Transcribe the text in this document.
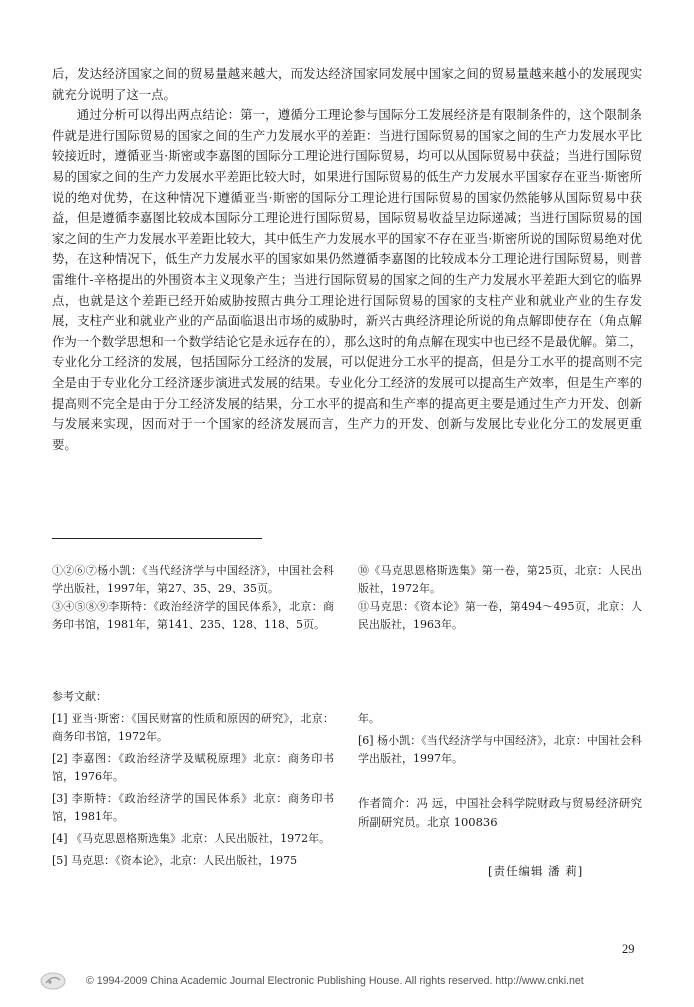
后，发达经济国家之间的贸易量越来越大，而发达经济国家同发展中国家之间的贸易量越来越小的发展现实就充分说明了这一点。

通过分析可以得出两点结论：第一，遵循分工理论参与国际分工发展经济是有限制条件的，这个限制条件就是进行国际贸易的国家之间的生产力发展水平的差距：当进行国际贸易的国家之间的生产力发展水平比较接近时，遵循亚当·斯密或李嘉图的国际分工理论进行国际贸易，均可以从国际贸易中获益；当进行国际贸易的国家之间的生产力发展水平差距比较大时，如果进行国际贸易的低生产力发展水平国家存在亚当·斯密所说的绝对优势，在这种情况下遵循亚当·斯密的国际分工理论进行国际贸易的国家仍然能够从国际贸易中获益，但是遵循李嘉图比较成本国际分工理论进行国际贸易，国际贸易收益呈边际递减；当进行国际贸易的国家之间的生产力发展水平差距比较大，其中低生产力发展水平的国家不存在亚当·斯密所说的国际贸易绝对优势，在这种情况下，低生产力发展水平的国家如果仍然遵循李嘉图的比较成本分工理论进行国际贸易，则普雷维什-辛格提出的外围资本主义现象产生；当进行国际贸易的国家之间的生产力发展水平差距大到它的临界点，也就是这个差距已经开始威胁按照古典分工理论进行国际贸易的国家的支柱产业和就业产业的生存发展，支柱产业和就业产业的产品面临退出市场的威胁时，新兴古典经济理论所说的角点解即使存在（角点解作为一个数学思想和一个数学结论它是永远存在的），那么这时的角点解在现实中也已经不是最优解。第二，专业化分工经济的发展，包括国际分工经济的发展，可以促进分工水平的提高，但是分工水平的提高则不完全是由于专业化分工经济逐步演进式发展的结果。专业化分工经济的发展可以提高生产效率，但是生产率的提高则不完全是由于分工经济发展的结果，分工水平的提高和生产率的提高更主要是通过生产力开发、创新与发展来实现，因而对于一个国家的经济发展而言，生产力的开发、创新与发展比专业化分工的发展更重要。

①②⑥⑦杨小凯：《当代经济学与中国经济》，中国社会科学出版社，1997年，第27、35、29、35页。

③④⑤⑧⑨李斯特：《政治经济学的国民体系》，北京：商务印书馆，1981年，第141、235、128、118、5页。

⑩《马克思恩格斯选集》第一卷，第25页，北京：人民出版社，1972年。

⑪马克思：《资本论》第一卷，第494～495页，北京：人民出版社，1963年。

参考文献：

[1] 亚当·斯密：《国民财富的性质和原因的研究》，北京：商务印书馆，1972年。

[2] 李嘉图：《政治经济学及赋税原理》北京：商务印书馆，1976年。

[3] 李斯特：《政治经济学的国民体系》北京：商务印书馆，1981年。

[4] 《马克思恩格斯选集》北京：人民出版社，1972年。

[5] 马克思：《资本论》，北京：人民出版社，1975

年。

[6] 杨小凯：《当代经济学与中国经济》，北京：中国社会科学出版社，1997年。

作者简介：冯 远，中国社会科学院财政与贸易经济研究所副研究员。北京 100836
[责任编辑 潘 莉]
29
© 1994-2009 China Academic Journal Electronic Publishing House. All rights reserved. http://www.cnki.net
